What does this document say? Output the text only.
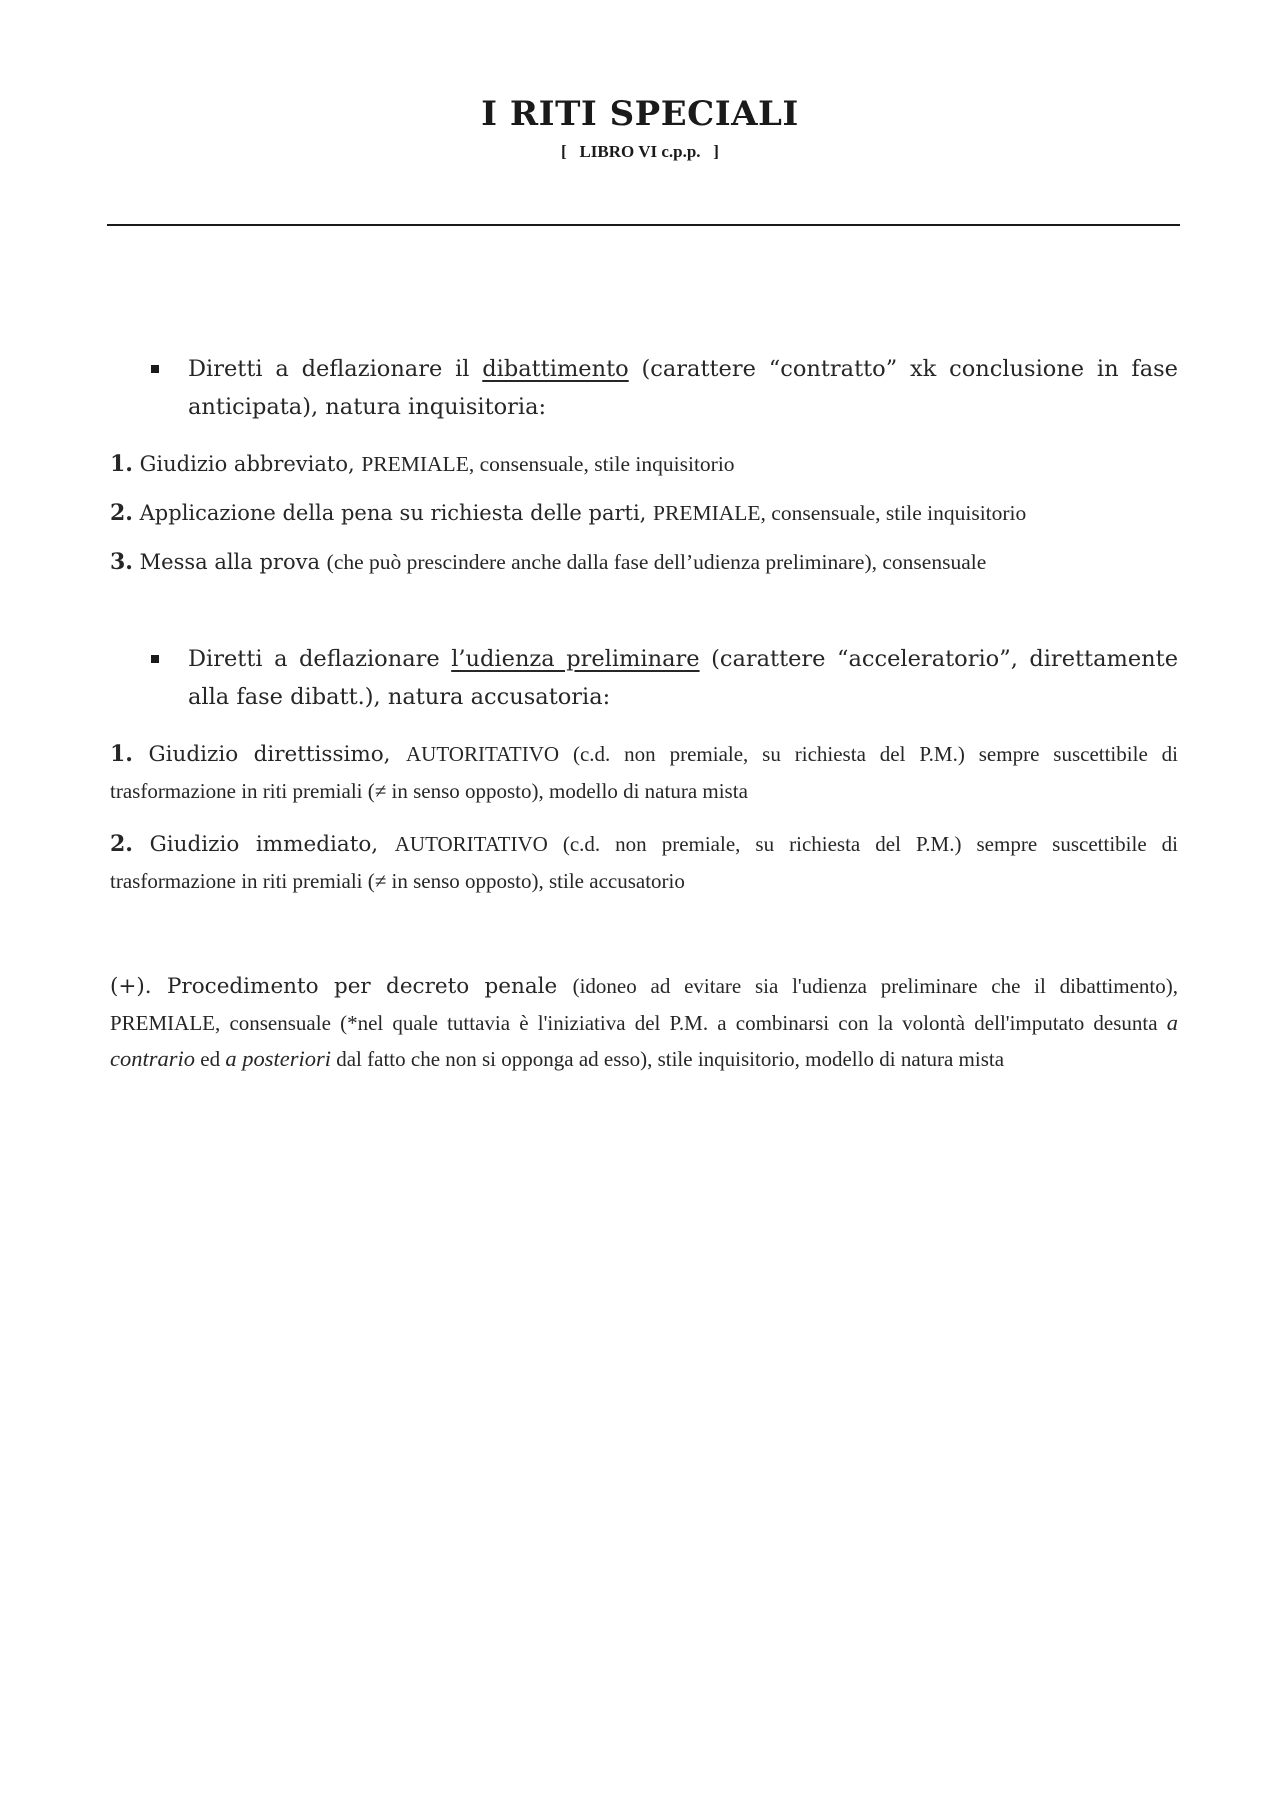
I RITI SPECIALI
[   LIBRO VI c.p.p.   ]
Diretti a deflazionare il dibattimento (carattere “contratto” xk conclusione in fase anticipata), natura inquisitoria:
1. Giudizio abbreviato, PREMIALE, consensuale, stile inquisitorio
2. Applicazione della pena su richiesta delle parti, PREMIALE, consensuale, stile inquisitorio
3. Messa alla prova (che può prescindere anche dalla fase dell’udienza preliminare), consensuale
Diretti a deflazionare l’udienza preliminare (carattere “acceleratorio”, direttamente alla fase dibatt.), natura accusatoria:
1. Giudizio direttissimo, AUTORITATIVO (c.d. non premiale, su richiesta del P.M.) sempre suscettibile di trasformazione in riti premiali (≠ in senso opposto), modello di natura mista
2. Giudizio immediato, AUTORITATIVO (c.d. non premiale, su richiesta del P.M.) sempre suscettibile di trasformazione in riti premiali (≠ in senso opposto), stile accusatorio
(+). Procedimento per decreto penale (idoneo ad evitare sia l'udienza preliminare che il dibattimento), PREMIALE, consensuale (*nel quale tuttavia è l'iniziativa del P.M. a combinarsi con la volontà dell'imputato desunta a contrario ed a posteriori dal fatto che non si opponga ad esso), stile inquisitorio, modello di natura mista
